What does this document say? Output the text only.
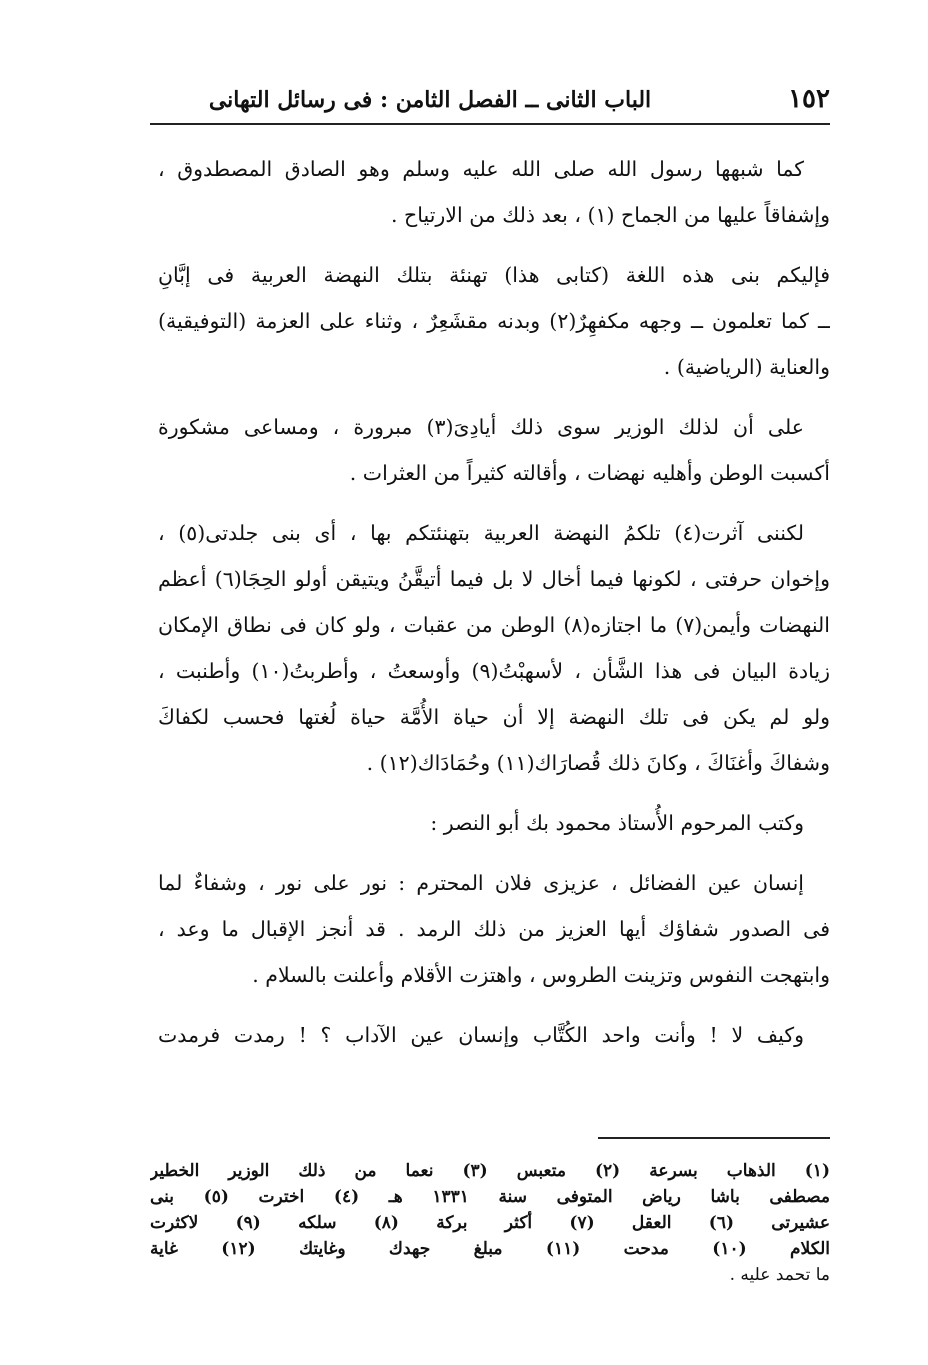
١٥٢
الباب الثانى ــ الفصل الثامن : فى رسائل التهانى
كما شبهها رسول الله صلى الله عليه وسلم وهو الصادق المصطدوق ،
وإشفاقاً عليها من الجماح (١) ، بعد ذلك من الارتياح .
فإليكم بنى هذه اللغة (كتابى هذا) تهنئة بتلك النهضة العربية فى إبَّانِ
ــ كما تعلمون ــ وجهه مكفهِرٌ(٢) وبدنه مقشَعِرٌ ، وثناء على العزمة (التوفيقية)
والعناية (الرياضية) .
على أن لذلك الوزير سوى ذلك أيادِىَ(٣) مبرورة ، ومساعى مشكورة
أكسبت الوطن وأهليه نهضات ، وأقالته كثيراً من العثرات .
لكننى آثرت(٤) تلكمُ النهضة العربية بتهنئتكم بها ، أى بنى جلدتى(٥) ،
وإخوان حرفتى ، لكونها فيما أخال لا بل فيما أتيقَّنُ ويتيقن أولو الحِجَا(٦) أعظم
النهضات وأيمن(٧) ما اجتازه(٨) الوطن من عقبات ، ولو كان فى نطاق الإمكان
زيادة البيان فى هذا الشَّأن ، لأسهبْتُ(٩) وأوسعتُ ، وأطربتُ(١٠) وأطنبت ،
ولو لم يكن فى تلك النهضة إلا أن حياة الأُمَّة حياة لُغتها فحسب لكفاكَ
وشفاكَ وأغنَاكَ ، وكانَ ذلك قُصارَاك(١١) وحُمَادَاك(١٢) .
وكتب المرحوم الأُستاذ محمود بك أبو النصر :
إنسان عين الفضائل ، عزيزى فلان المحترم : نور على نور ، وشفاءٌ لما
فى الصدور شفاؤك أيها العزيز من ذلك الرمد . قد أنجز الإقبال ما وعد ،
وابتهجت النفوس وتزينت الطروس ، واهتزت الأقلام وأعلنت بالسلام .
وكيف لا ! وأنت واحد الكُتَّاب وإنسان عين الآداب ؟ ! رمدت فرمدت
(١) الذهاب بسرعة (٢) متعبس (٣) نعما من ذلك الوزير الخطير
مصطفى باشا رياض المتوفى سنة ١٣٣١ هـ (٤) اخترت (٥) بنى
عشيرتى (٦) العقل (٧) أكثر بركة (٨) سلكه (٩) لاكثرت
الكلام (١٠) مدحت (١١) مبلغ جهدك وغايتك (١٢) غاية
ما تحمد عليه .
